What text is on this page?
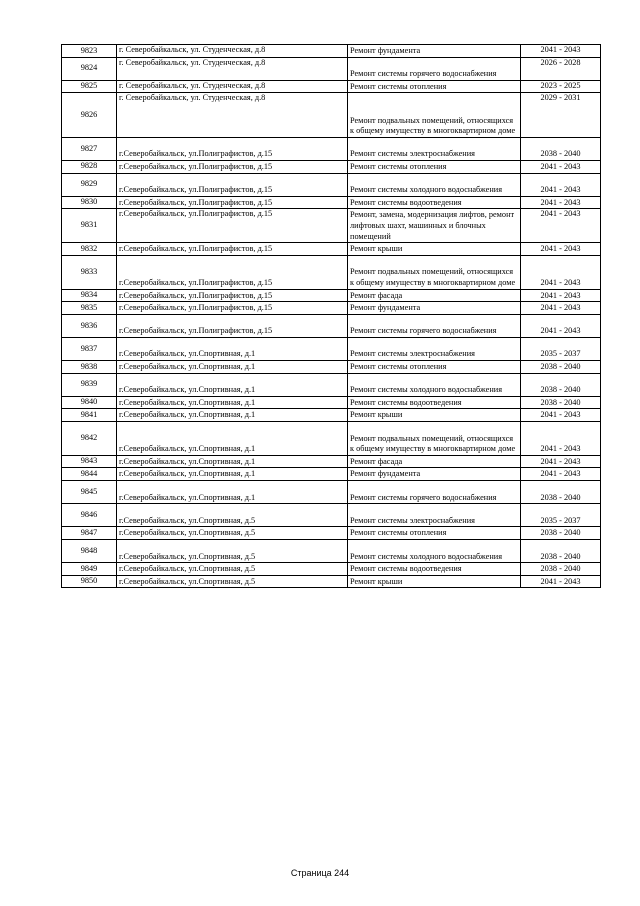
9823	г. Северобайкальск, ул. Студенческая, д.8	Ремонт фундамента	2041 - 2043
9824	г. Северобайкальск, ул. Студенческая, д.8	Ремонт системы горячего водоснабжения	2026 - 2028
9825	г. Северобайкальск, ул. Студенческая, д.8	Ремонт системы отопления	2023 - 2025
9826	г. Северобайкальск, ул. Студенческая, д.8	Ремонт подвальных помещений, относящихся к общему имуществу в многоквартирном доме	2029 - 2031
9827	г.Северобайкальск, ул.Полиграфистов, д.15	Ремонт системы электроснабжения	2038 - 2040
9828	г.Северобайкальск, ул.Полиграфистов, д.15	Ремонт системы отопления	2041 - 2043
9829	г.Северобайкальск, ул.Полиграфистов, д.15	Ремонт системы холодного водоснабжения	2041 - 2043
9830	г.Северобайкальск, ул.Полиграфистов, д.15	Ремонт системы водоотведения	2041 - 2043
9831	г.Северобайкальск, ул.Полиграфистов, д.15	Ремонт, замена, модернизация лифтов, ремонт лифтовых шахт, машинных и блочных помещений	2041 - 2043
9832	г.Северобайкальск, ул.Полиграфистов, д.15	Ремонт крыши	2041 - 2043
9833	г.Северобайкальск, ул.Полиграфистов, д.15	Ремонт подвальных помещений, относящихся к общему имуществу в многоквартирном доме	2041 - 2043
9834	г.Северобайкальск, ул.Полиграфистов, д.15	Ремонт фасада	2041 - 2043
9835	г.Северобайкальск, ул.Полиграфистов, д.15	Ремонт фундамента	2041 - 2043
9836	г.Северобайкальск, ул.Полиграфистов, д.15	Ремонт системы горячего водоснабжения	2041 - 2043
9837	г.Северобайкальск, ул.Спортивная, д.1	Ремонт системы электроснабжения	2035 - 2037
9838	г.Северобайкальск, ул.Спортивная, д.1	Ремонт системы отопления	2038 - 2040
9839	г.Северобайкальск, ул.Спортивная, д.1	Ремонт системы холодного водоснабжения	2038 - 2040
9840	г.Северобайкальск, ул.Спортивная, д.1	Ремонт системы водоотведения	2038 - 2040
9841	г.Северобайкальск, ул.Спортивная, д.1	Ремонт крыши	2041 - 2043
9842	г.Северобайкальск, ул.Спортивная, д.1	Ремонт подвальных помещений, относящихся к общему имуществу в многоквартирном доме	2041 - 2043
9843	г.Северобайкальск, ул.Спортивная, д.1	Ремонт фасада	2041 - 2043
9844	г.Северобайкальск, ул.Спортивная, д.1	Ремонт фундамента	2041 - 2043
9845	г.Северобайкальск, ул.Спортивная, д.1	Ремонт системы горячего водоснабжения	2038 - 2040
9846	г.Северобайкальск, ул.Спортивная, д.5	Ремонт системы электроснабжения	2035 - 2037
9847	г.Северобайкальск, ул.Спортивная, д.5	Ремонт системы отопления	2038 - 2040
9848	г.Северобайкальск, ул.Спортивная, д.5	Ремонт системы холодного водоснабжения	2038 - 2040
9849	г.Северобайкальск, ул.Спортивная, д.5	Ремонт системы водоотведения	2038 - 2040
9850	г.Северобайкальск, ул.Спортивная, д.5	Ремонт крыши	2041 - 2043
Страница 244
